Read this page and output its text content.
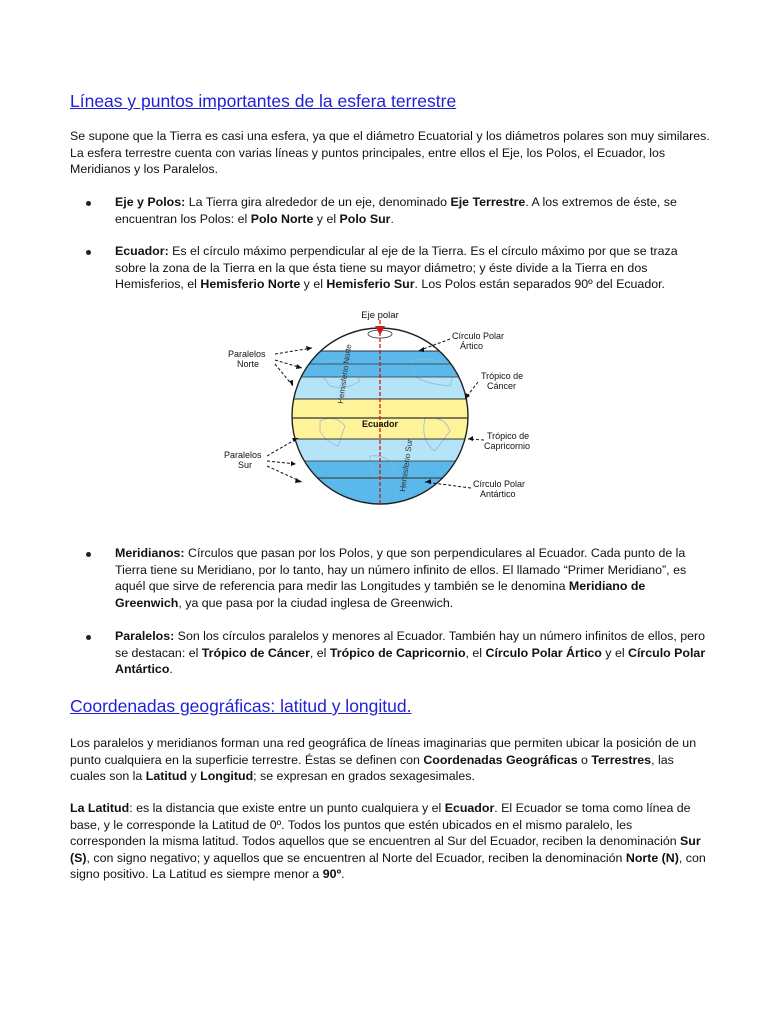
Líneas y puntos importantes de la esfera terrestre

Se supone que la Tierra es casi una esfera, ya que el diámetro Ecuatorial y los diámetros polares son muy similares. La esfera terrestre cuenta con varias líneas y puntos principales, entre ellos el Eje, los Polos, el Ecuador, los Meridianos y los Paralelos.

Eje y Polos: La Tierra gira alrededor de un eje, denominado Eje Terrestre. A los extremos de éste, se encuentran los Polos: el Polo Norte y el Polo Sur.
Ecuador: Es el círculo máximo perpendicular al eje de la Tierra. Es el círculo máximo por que se traza sobre la zona de la Tierra en la que ésta tiene su mayor diámetro; y éste divide a la Tierra en dos Hemisferios, el Hemisferio Norte y el Hemisferio Sur. Los Polos están separados 90º del Ecuador.
Eje polar
Círculo Polar
Ártico
Trópico de
Cáncer
Trópico de
Capricornio
Círculo Polar
Antártico
Paralelos
Norte
Paralelos
Sur
Ecuador
Hemisferio Norte
Hemisferio Sur
Meridianos: Círculos que pasan por los Polos, y que son perpendiculares al Ecuador. Cada punto de la Tierra tiene su Meridiano, por lo tanto, hay un número infinito de ellos. El llamado “Primer Meridiano”, es aquél que sirve de referencia para medir las Longitudes y también se le denomina Meridiano de Greenwich, ya que pasa por la ciudad inglesa de Greenwich.
Paralelos: Son los círculos paralelos y menores al Ecuador. También hay un número infinitos de ellos, pero se destacan: el Trópico de Cáncer, el Trópico de Capricornio, el Círculo Polar Ártico y el Círculo Polar Antártico.
Coordenadas geográficas: latitud y longitud.

Los paralelos y meridianos forman una red geográfica de líneas imaginarias que permiten ubicar la posición de un punto cualquiera en la superficie terrestre. Éstas se definen con Coordenadas Geográficas o Terrestres, las cuales son la Latitud y Longitud; se expresan en grados sexagesimales.

La Latitud: es la distancia que existe entre un punto cualquiera y el Ecuador. El Ecuador se toma como línea de base, y le corresponde la Latitud de 0º. Todos los puntos que estén ubicados en el mismo paralelo, les corresponden la misma latitud. Todos aquellos que se encuentren al Sur del Ecuador, reciben la denominación Sur (S), con signo negativo; y aquellos que se encuentren al Norte del Ecuador, reciben la denominación Norte (N), con signo positivo. La Latitud es siempre menor a 90º.
